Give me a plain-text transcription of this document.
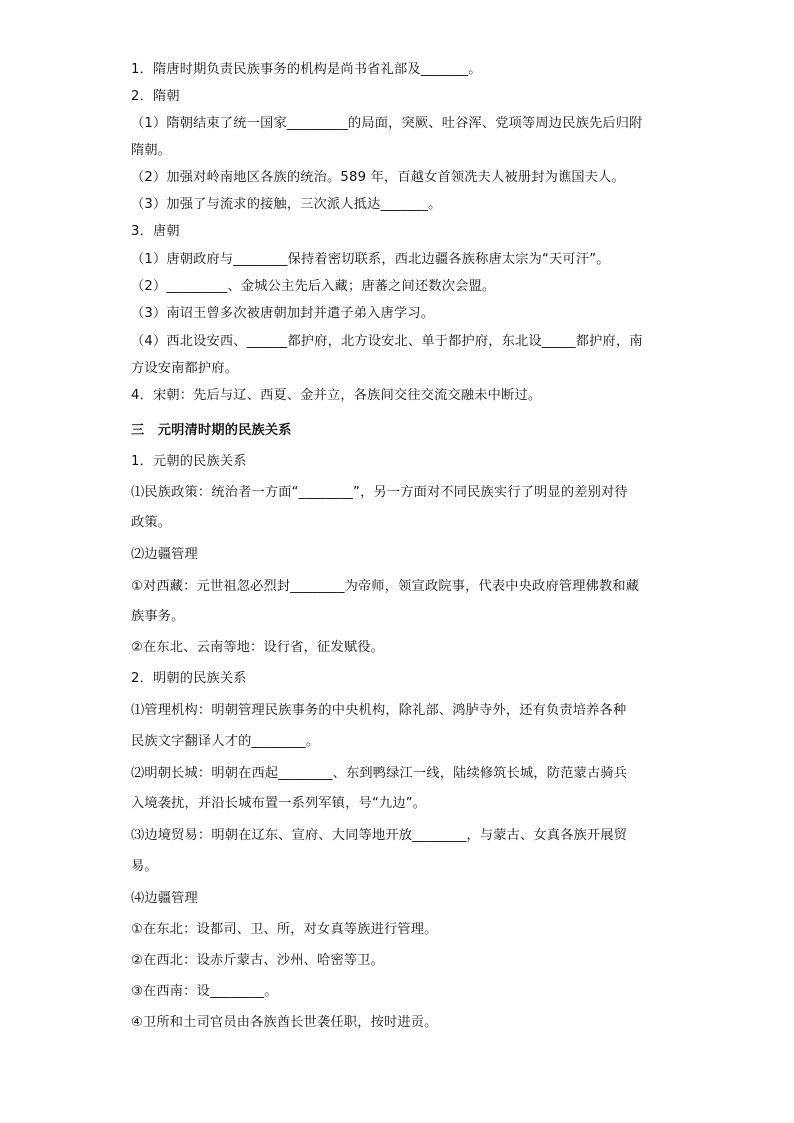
1．隋唐时期负责民族事务的机构是尚书省礼部及_______。
2．隋朝
（1）隋朝结束了统一国家_________的局面，突厥、吐谷浑、党项等周边民族先后归附
隋朝。
（2）加强对岭南地区各族的统治。589 年，百越女首领冼夫人被册封为谯国夫人。
（3）加强了与流求的接触，三次派人抵达_______。
3．唐朝
（1）唐朝政府与________保持着密切联系，西北边疆各族称唐太宗为“天可汗”。
（2）_________、金城公主先后入藏；唐蕃之间还数次会盟。
（3）南诏王曾多次被唐朝加封并遣子弟入唐学习。
（4）西北设安西、______都护府，北方设安北、单于都护府，东北设_____都护府，南
方设安南都护府。
4．宋朝：先后与辽、西夏、金并立，各族间交往交流交融未中断过。
三　元明清时期的民族关系
1．元朝的民族关系
⑴民族政策：统治者一方面“________”，另一方面对不同民族实行了明显的差别对待
政策。
⑵边疆管理
①对西藏：元世祖忽必烈封________为帝师，领宣政院事，代表中央政府管理佛教和藏
族事务。
②在东北、云南等地：设行省，征发赋役。
2．明朝的民族关系
⑴管理机构：明朝管理民族事务的中央机构，除礼部、鸿胪寺外，还有负责培养各种
民族文字翻译人才的________。
⑵明朝长城：明朝在西起________、东到鸭绿江一线，陆续修筑长城，防范蒙古骑兵
入境袭扰，并沿长城布置一系列军镇，号“九边”。
⑶边境贸易：明朝在辽东、宣府、大同等地开放________，与蒙古、女真各族开展贸
易。
⑷边疆管理
①在东北：设都司、卫、所，对女真等族进行管理。
②在西北：设赤斤蒙古、沙州、哈密等卫。
③在西南：设________。
④卫所和土司官员由各族酋长世袭任职，按时进贡。
